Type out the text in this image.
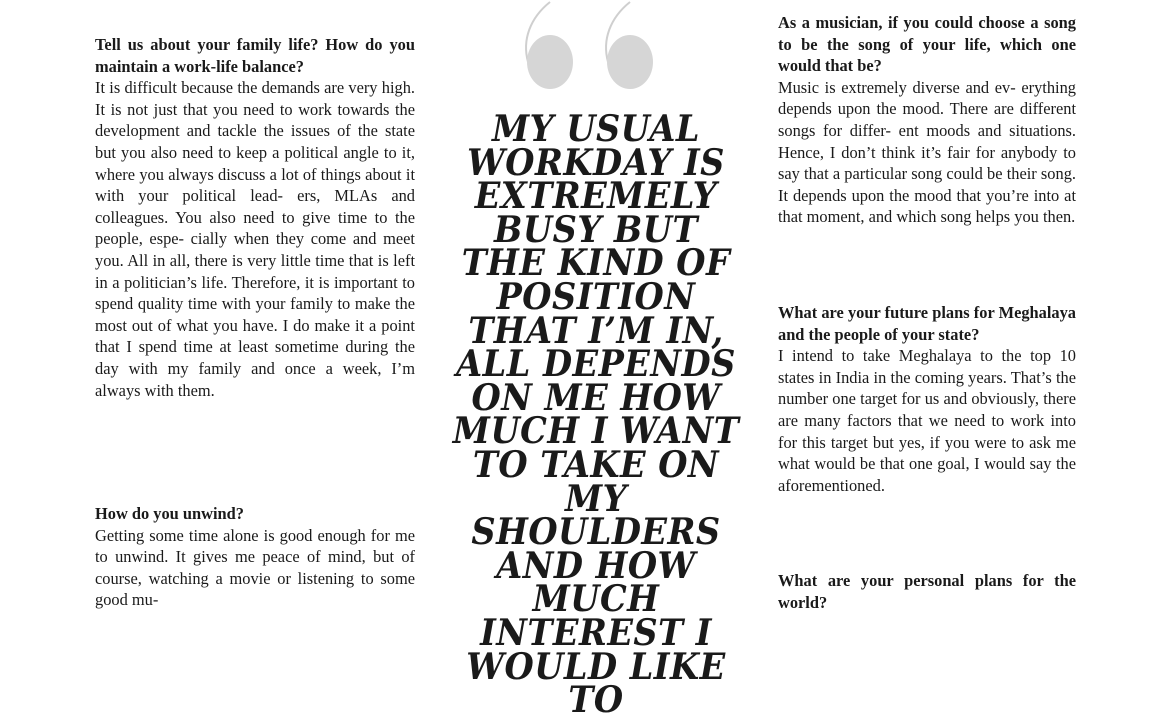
Tell us about your family life? How do you maintain a work-life balance?
It is difficult because the demands are very high. It is not just that you need to work towards the development and tackle the issues of the state but you also need to keep a political angle to it, where you always discuss a lot of things about it with your political lead- ers, MLAs and colleagues. You also need to give time to the people, espe- cially when they come and meet you. All in all, there is very little time that is left in a politician’s life. Therefore, it is important to spend quality time with your family to make the most out of what you have. I do make it a point that I spend time at least sometime during the day with my family and once a week, I’m always with them.
How do you unwind?
Getting some time alone is good enough for me to unwind. It gives me peace of mind, but of course, watching a movie or listening to some good mu-
MY USUAL WORKDAY IS EXTREMELY BUSY BUT THE KIND OF POSITION THAT I’M IN, ALL DEPENDS ON ME HOW MUCH I WANT TO TAKE ON MY SHOULDERS AND HOW MUCH INTEREST I WOULD LIKE TO
As a musician, if you could choose a song to be the song of your life, which one would that be?
Music is extremely diverse and ev- erything depends upon the mood. There are different songs for differ- ent moods and situations. Hence, I don’t think it’s fair for anybody to say that a particular song could be their song. It depends upon the mood that you’re into at that moment, and which song helps you then.
What are your future plans for Meghalaya and the people of your state?
I intend to take Meghalaya to the top 10 states in India in the coming years. That’s the number one target for us and obviously, there are many factors that we need to work into for this target but yes, if you were to ask me what would be that one goal, I would say the aforementioned.
What are your personal plans for the world?
